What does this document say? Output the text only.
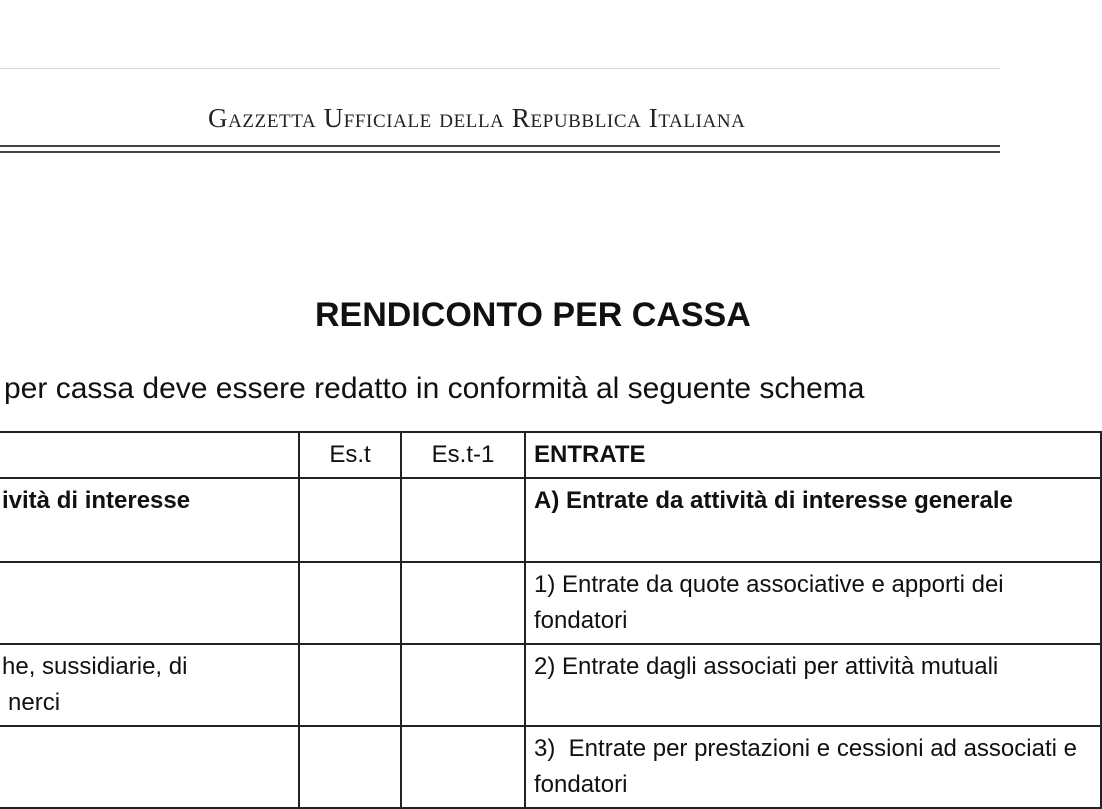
Gazzetta Ufficiale della Repubblica Italiana
RENDICONTO PER CASSA
per cassa deve essere redatto in conformità al seguente schema
	Es.t	Es.t-1	ENTRATE
ività di interesse			A) Entrate da attività di interesse generale
			1) Entrate da quote associative e apporti dei fondatori
he, sussidiarie, di
nerci			2) Entrate dagli associati per attività mutuali
			3)  Entrate per prestazioni e cessioni ad associati e fondatori
